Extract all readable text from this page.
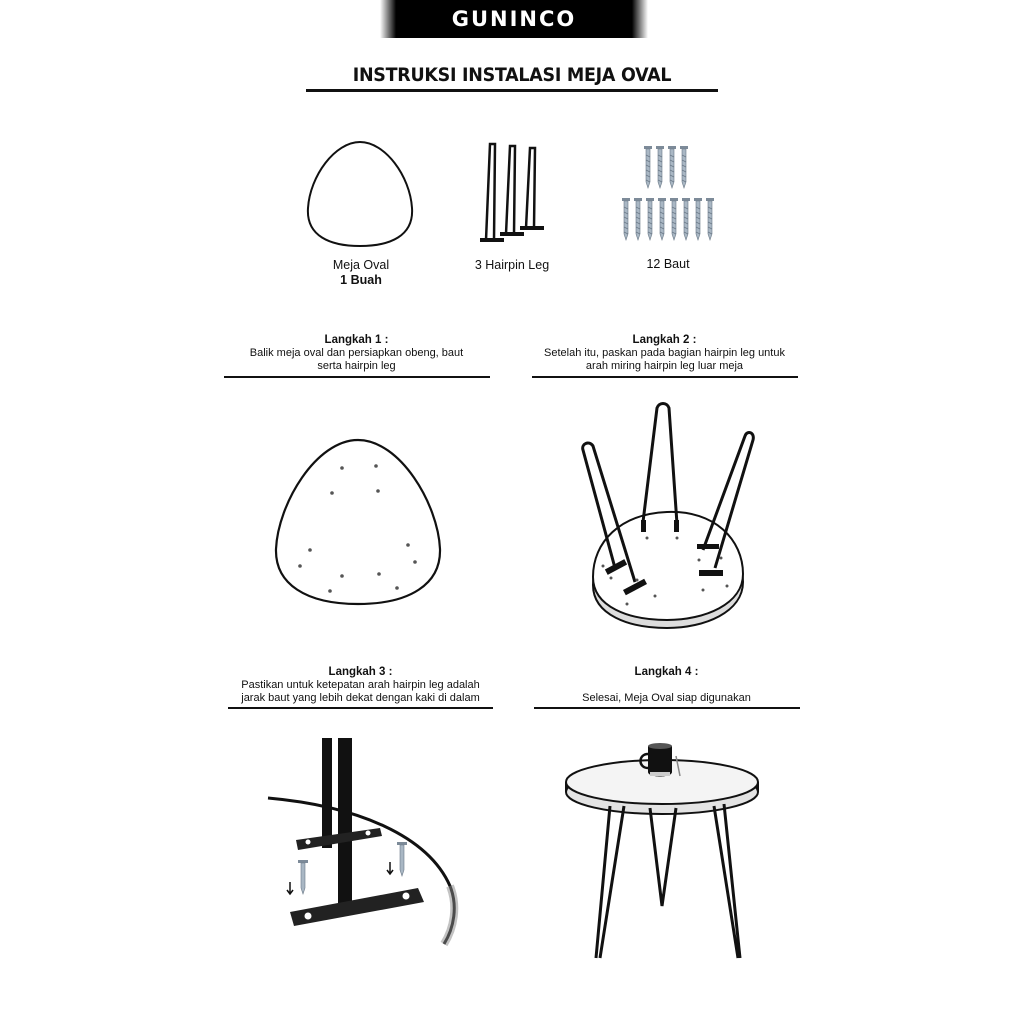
GUNINCO
INSTRUKSI INSTALASI MEJA OVAL
Meja Oval
1 Buah
3 Hairpin Leg	12 Baut
Langkah 1 :
Balik meja oval dan persiapkan obeng, baut
serta hairpin leg
Langkah 2 :
Setelah itu, paskan pada bagian hairpin leg untuk
arah miring hairpin leg luar meja
Langkah 3 :
Pastikan untuk ketepatan arah hairpin leg adalah
jarak baut yang lebih dekat dengan kaki di dalam
Langkah 4 :
Selesai, Meja Oval siap digunakan
